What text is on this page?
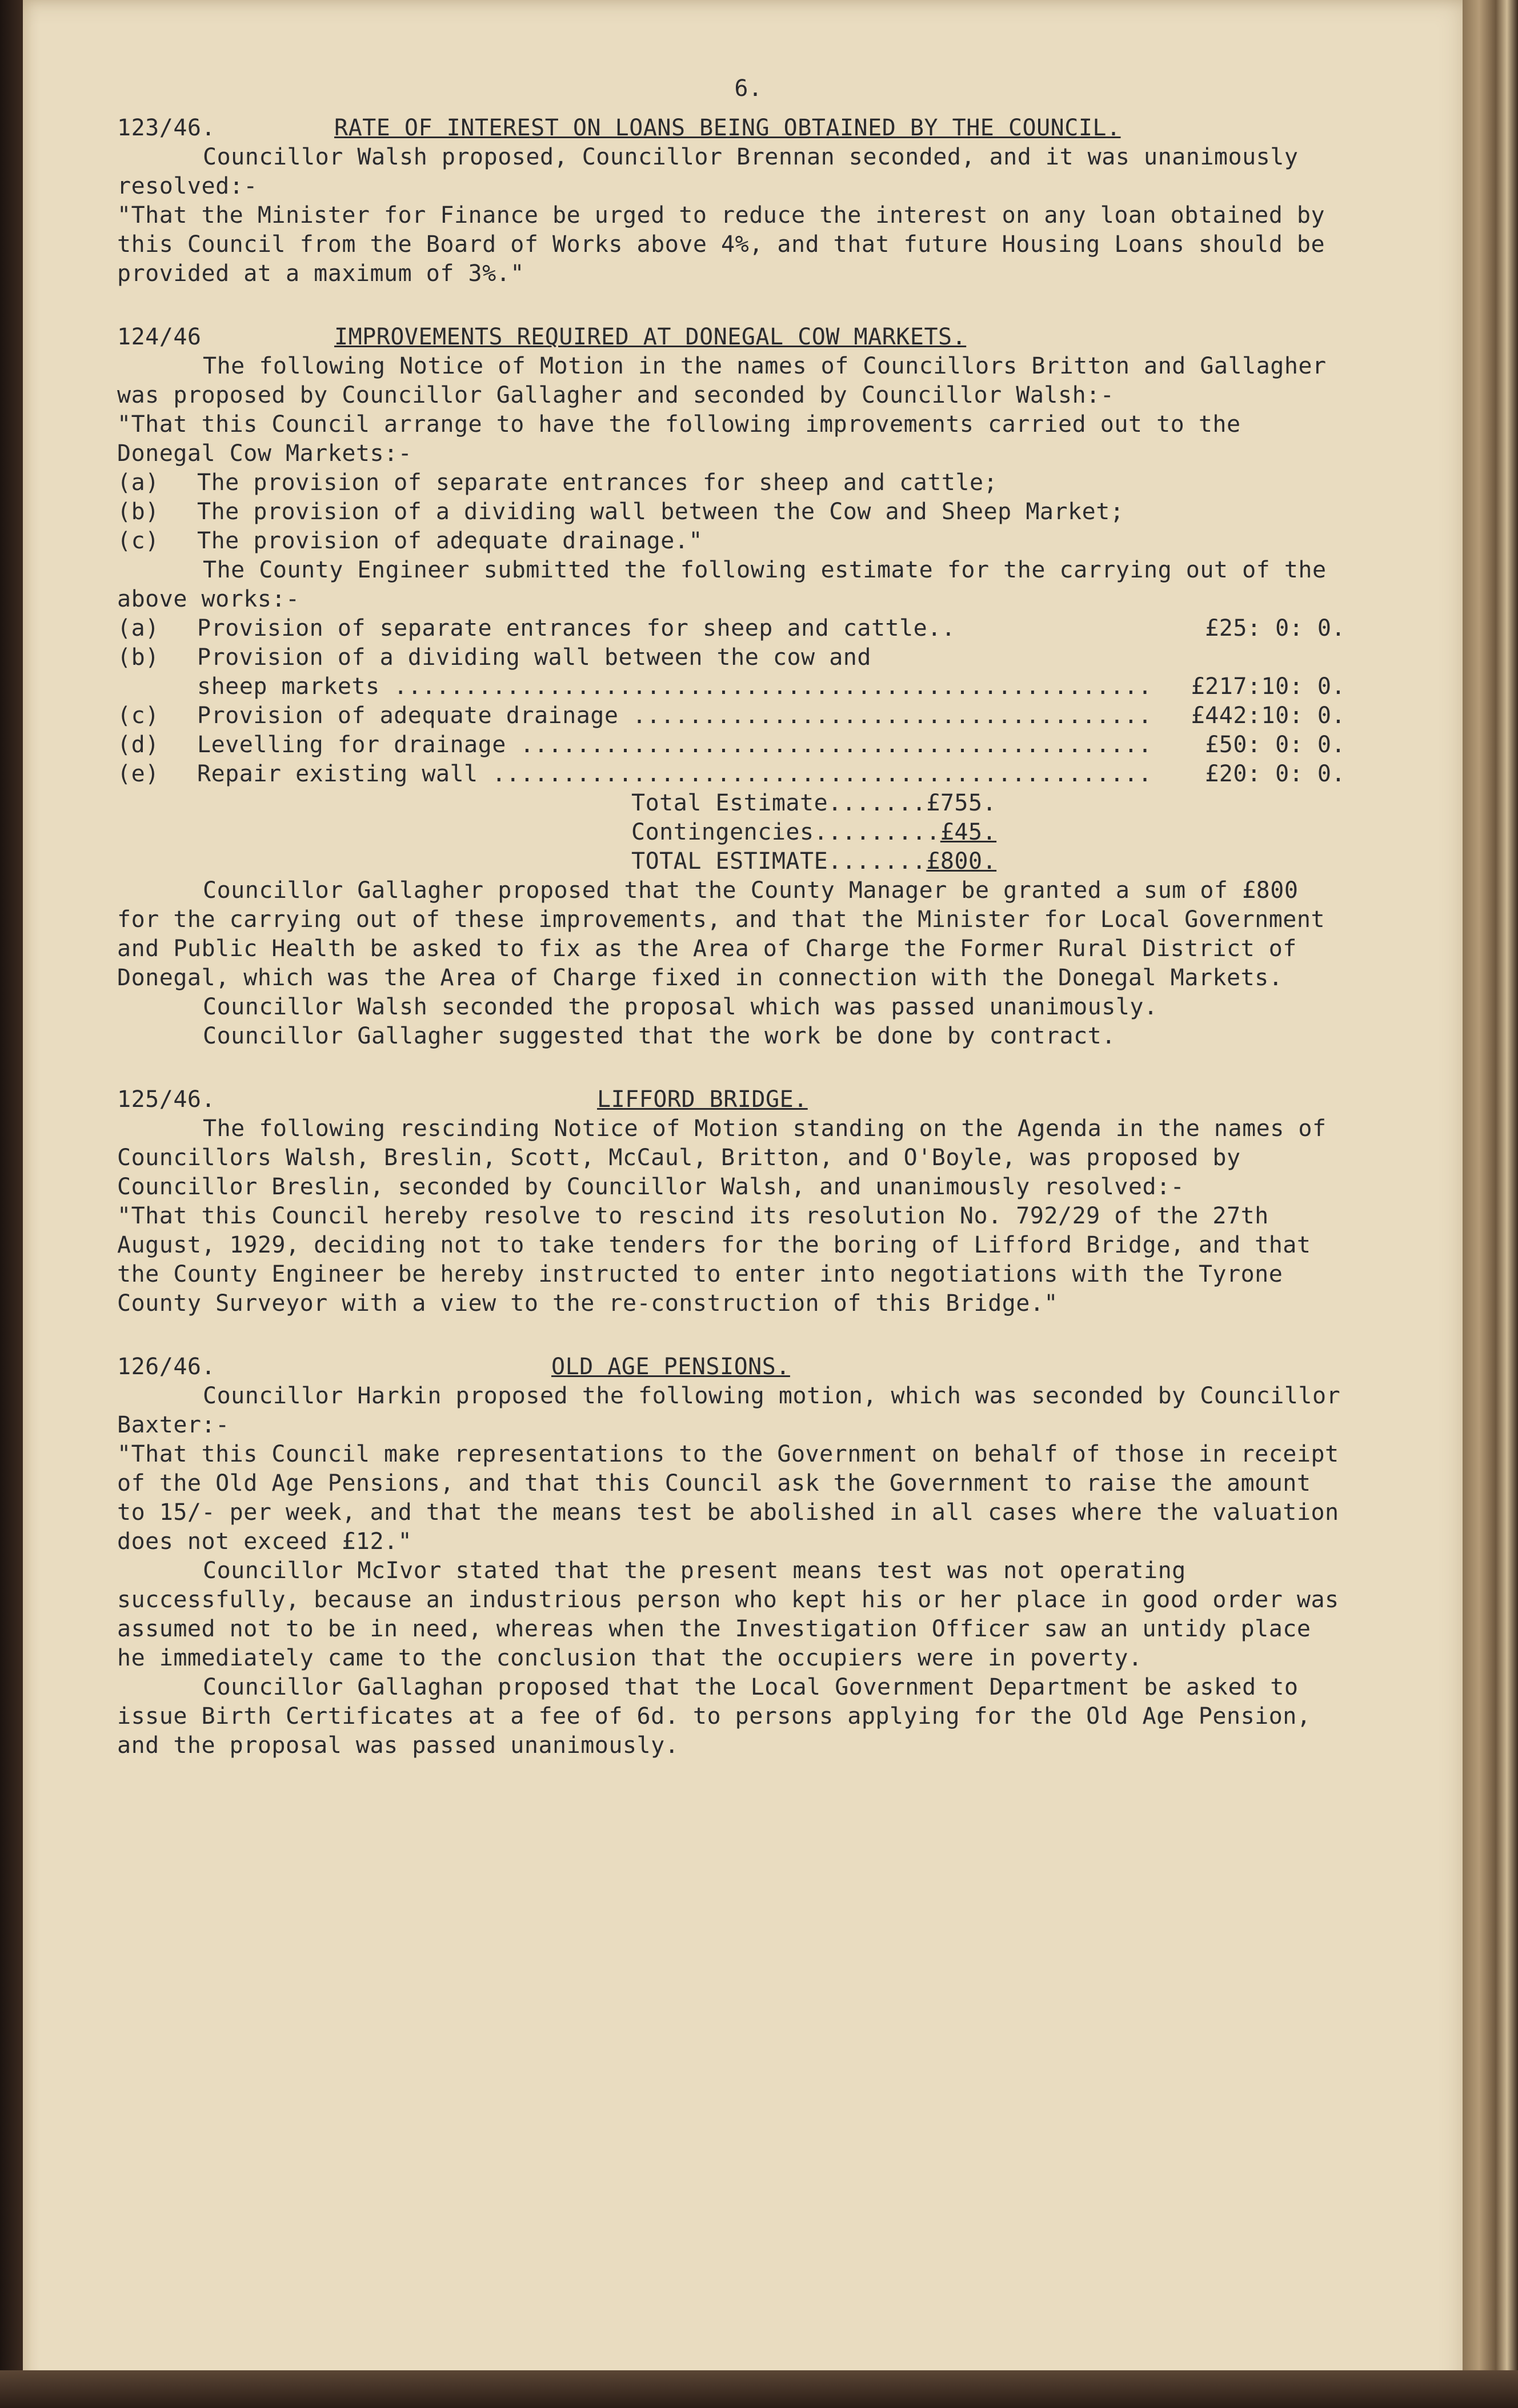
6.
123/46.	RATE OF INTEREST ON LOANS BEING OBTAINED BY THE COUNCIL.

Councillor Walsh proposed, Councillor Brennan seconded, and it was unanimously resolved:-

"That the Minister for Finance be urged to reduce the interest on any loan obtained by this Council from the Board of Works above 4%, and that future Housing Loans should be provided at a maximum of 3%."

124/46	IMPROVEMENTS REQUIRED AT DONEGAL COW MARKETS.

The following Notice of Motion in the names of Councillors Britton and Gallagher was proposed by Councillor Gallagher and seconded by Councillor Walsh:-

"That this Council arrange to have the following improvements carried out to the Donegal Cow Markets:-

(a)	The provision of separate entrances for sheep and cattle;
(b)	The provision of a dividing wall between the Cow and Sheep Market;
(c)	The provision of adequate drainage."

The County Engineer submitted the following estimate for the carrying out of the above works:-

(a)	Provision of separate entrances for sheep and cattle..	£25: 0: 0.
(b)	Provision of a dividing wall between the cow and
sheep markets .....	£217:10: 0.
(c)	Provision of adequate drainage .....	£442:10: 0.
(d)	Levelling for drainage .....	£50: 0: 0.
(e)	Repair existing wall .....	£20: 0: 0.
Total Estimate....... £755.
Contingencies......... £45.
TOTAL ESTIMATE....... £800.

Councillor Gallagher proposed that the County Manager be granted a sum of £800 for the carrying out of these improvements, and that the Minister for Local Government and Public Health be asked to fix as the Area of Charge the Former Rural District of Donegal, which was the Area of Charge fixed in connection with the Donegal Markets.

Councillor Walsh seconded the proposal which was passed unanimously.

Councillor Gallagher suggested that the work be done by contract.

125/46.	LIFFORD BRIDGE.

The following rescinding Notice of Motion standing on the Agenda in the names of Councillors Walsh, Breslin, Scott, McCaul, Britton, and O'Boyle, was proposed by Councillor Breslin, seconded by Councillor Walsh, and unanimously resolved:-

"That this Council hereby resolve to rescind its resolution No. 792/29 of the 27th August, 1929, deciding not to take tenders for the boring of Lifford Bridge, and that the County Engineer be hereby instructed to enter into negotiations with the Tyrone County Surveyor with a view to the re-construction of this Bridge."

126/46.	OLD AGE PENSIONS.

Councillor Harkin proposed the following motion, which was seconded by Councillor Baxter:-

"That this Council make representations to the Government on behalf of those in receipt of the Old Age Pensions, and that this Council ask the Government to raise the amount to 15/- per week, and that the means test be abolished in all cases where the valuation does not exceed £12."

Councillor McIvor stated that the present means test was not operating successfully, because an industrious person who kept his or her place in good order was assumed not to be in need, whereas when the Investigation Officer saw an untidy place he immediately came to the conclusion that the occupiers were in poverty.

Councillor Gallaghan proposed that the Local Government Department be asked to issue Birth Certificates at a fee of 6d. to persons applying for the Old Age Pension, and the proposal was passed unanimously.
